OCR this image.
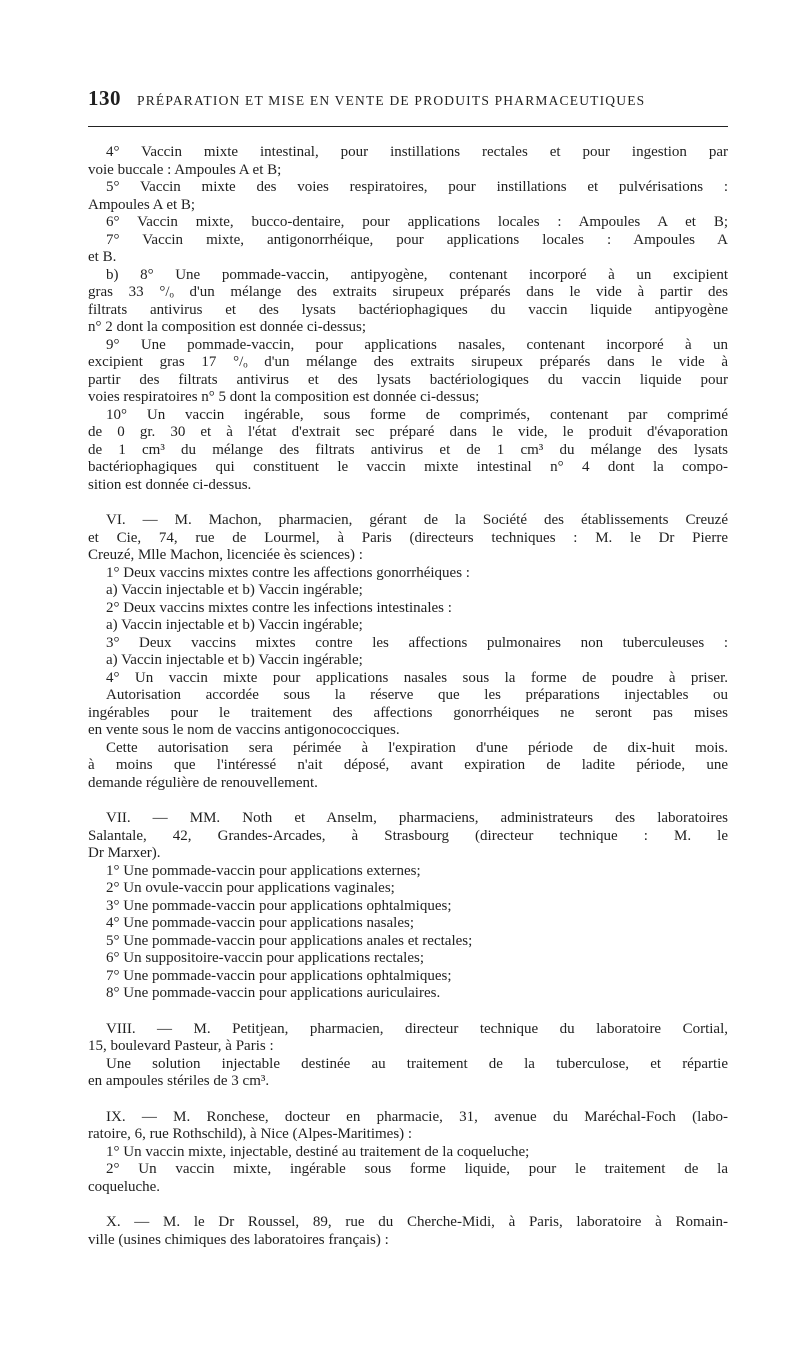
130 PRÉPARATION ET MISE EN VENTE DE PRODUITS PHARMACEUTIQUES
4° Vaccin mixte intestinal, pour instillations rectales et pour ingestion par
voie buccale : Ampoules A et B;
5° Vaccin mixte des voies respiratoires, pour instillations et pulvérisations :
Ampoules A et B;
6° Vaccin mixte, bucco-dentaire, pour applications locales : Ampoules A et B;
7° Vaccin mixte, antigonorrhéique, pour applications locales : Ampoules A
et B.
b) 8° Une pommade-vaccin, antipyogène, contenant incorporé à un excipient
gras 33 °/ₒ d'un mélange des extraits sirupeux préparés dans le vide à partir des
filtrats antivirus et des lysats bactériophagiques du vaccin liquide antipyogène
n° 2 dont la composition est donnée ci-dessus;
9° Une pommade-vaccin, pour applications nasales, contenant incorporé à un
excipient gras 17 °/ₒ d'un mélange des extraits sirupeux préparés dans le vide à
partir des filtrats antivirus et des lysats bactériologiques du vaccin liquide pour
voies respiratoires n° 5 dont la composition est donnée ci-dessus;
10° Un vaccin ingérable, sous forme de comprimés, contenant par comprimé
de 0 gr. 30 et à l'état d'extrait sec préparé dans le vide, le produit d'évaporation
de 1 cm³ du mélange des filtrats antivirus et de 1 cm³ du mélange des lysats
bactériophagiques qui constituent le vaccin mixte intestinal n° 4 dont la compo-
sition est donnée ci-dessus.
VI. — M. Machon, pharmacien, gérant de la Société des établissements Creuzé
et Cie, 74, rue de Lourmel, à Paris (directeurs techniques : M. le Dr Pierre
Creuzé, Mlle Machon, licenciée ès sciences) :
1° Deux vaccins mixtes contre les affections gonorrhéiques :
a) Vaccin injectable et b) Vaccin ingérable;
2° Deux vaccins mixtes contre les infections intestinales :
a) Vaccin injectable et b) Vaccin ingérable;
3° Deux vaccins mixtes contre les affections pulmonaires non tuberculeuses :
a) Vaccin injectable et b) Vaccin ingérable;
4° Un vaccin mixte pour applications nasales sous la forme de poudre à priser.
Autorisation accordée sous la réserve que les préparations injectables ou
ingérables pour le traitement des affections gonorrhéiques ne seront pas mises
en vente sous le nom de vaccins antigonococciques.
Cette autorisation sera périmée à l'expiration d'une période de dix-huit mois.
à moins que l'intéressé n'ait déposé, avant expiration de ladite période, une
demande régulière de renouvellement.
VII. — MM. Noth et Anselm, pharmaciens, administrateurs des laboratoires
Salantale, 42, Grandes-Arcades, à Strasbourg (directeur technique : M. le
Dr Marxer).
1° Une pommade-vaccin pour applications externes;
2° Un ovule-vaccin pour applications vaginales;
3° Une pommade-vaccin pour applications ophtalmiques;
4° Une pommade-vaccin pour applications nasales;
5° Une pommade-vaccin pour applications anales et rectales;
6° Un suppositoire-vaccin pour applications rectales;
7° Une pommade-vaccin pour applications ophtalmiques;
8° Une pommade-vaccin pour applications auriculaires.
VIII. — M. Petitjean, pharmacien, directeur technique du laboratoire Cortial,
15, boulevard Pasteur, à Paris :
Une solution injectable destinée au traitement de la tuberculose, et répartie
en ampoules stériles de 3 cm³.
IX. — M. Ronchese, docteur en pharmacie, 31, avenue du Maréchal-Foch (labo-
ratoire, 6, rue Rothschild), à Nice (Alpes-Maritimes) :
1° Un vaccin mixte, injectable, destiné au traitement de la coqueluche;
2° Un vaccin mixte, ingérable sous forme liquide, pour le traitement de la
coqueluche.
X. — M. le Dr Roussel, 89, rue du Cherche-Midi, à Paris, laboratoire à Romain-
ville (usines chimiques des laboratoires français) :
